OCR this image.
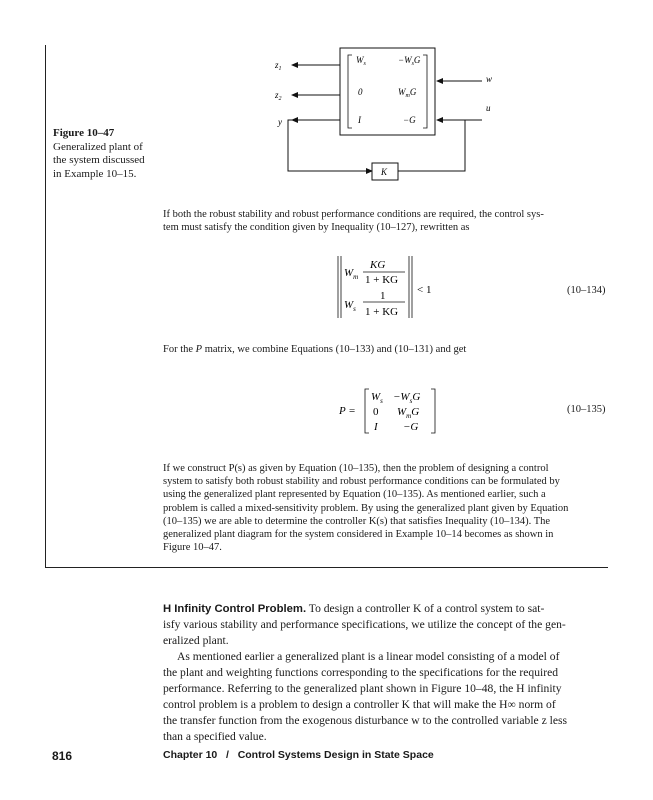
Figure 10–47
Generalized plant of
the system discussed
in Example 10–15.
$W_s$	$-W_sG$
0	$W_mG$
I	−G
$z_1$
$z_2$
y
w
u
K
If both the robust stability and robust performance conditions are required, the control sys-
tem must satisfy the condition given by Inequality (10–127), rewritten as
$W_m$
KG
1 + KG
$W_s$
1
1 + KG
< 1	(10–134)
For the P matrix, we combine Equations (10–133) and (10–131) and get
P =
$W_s -W_sG$
0 $W_mG$
I −G
(10–135)
If we construct P(s) as given by Equation (10–135), then the problem of designing a control
system to satisfy both robust stability and robust performance conditions can be formulated by
using the generalized plant represented by Equation (10–135). As mentioned earlier, such a
problem is called a mixed-sensitivity problem. By using the generalized plant given by Equation
(10–135) we are able to determine the controller K(s) that satisfies Inequality (10–134). The
generalized plant diagram for the system considered in Example 10–14 becomes as shown in
Figure 10–47.
H Infinity Control Problem. To design a controller K of a control system to sat-
isfy various stability and performance specifications, we utilize the concept of the gen-
eralized plant.
As mentioned earlier a generalized plant is a linear model consisting of a model of
the plant and weighting functions corresponding to the specifications for the required
performance. Referring to the generalized plant shown in Figure 10–48, the H infinity
control problem is a problem to design a controller K that will make the H∞ norm of
the transfer function from the exogenous disturbance w to the controlled variable z less
than a specified value.
816	Chapter 10   /   Control Systems Design in State Space
